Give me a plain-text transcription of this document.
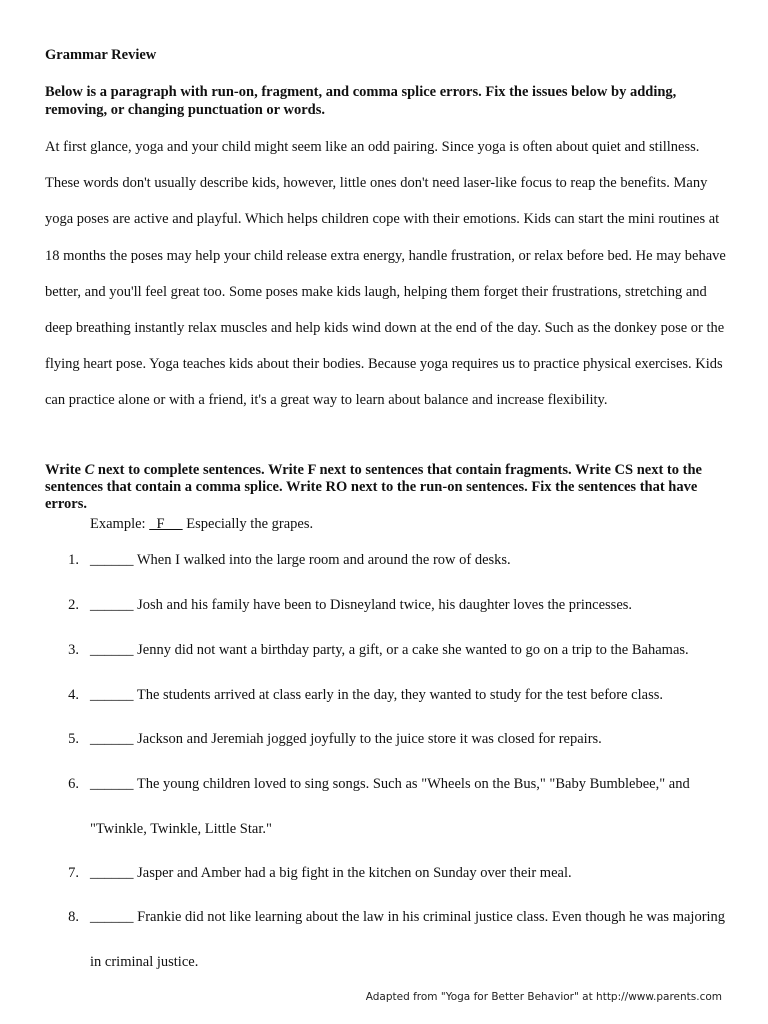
Grammar Review

Below is a paragraph with run-on, fragment, and comma splice errors. Fix the issues below by adding, removing, or changing punctuation or words.

At first glance, yoga and your child might seem like an odd pairing. Since yoga is often about quiet and stillness. These words don't usually describe kids, however, little ones don't need laser-like focus to reap the benefits. Many yoga poses are active and playful. Which helps children cope with their emotions. Kids can start the mini routines at 18 months the poses may help your child release extra energy, handle frustration, or relax before bed. He may behave better, and you'll feel great too. Some poses make kids laugh, helping them forget their frustrations, stretching and deep breathing instantly relax muscles and help kids wind down at the end of the day. Such as the donkey pose or the flying heart pose. Yoga teaches kids about their bodies. Because yoga requires us to practice physical exercises. Kids can practice alone or with a friend, it's a great way to learn about balance and increase flexibility.

Write C next to complete sentences. Write F next to sentences that contain fragments. Write CS next to the sentences that contain a comma splice. Write RO next to the run-on sentences. Fix the sentences that have errors.

Example:   F      Especially the grapes.
1. ______ When I walked into the large room and around the row of desks.
2. ______ Josh and his family have been to Disneyland twice, his daughter loves the princesses.
3. ______ Jenny did not want a birthday party, a gift, or a cake she wanted to go on a trip to the Bahamas.
4. ______ The students arrived at class early in the day, they wanted to study for the test before class.
5. ______ Jackson and Jeremiah jogged joyfully to the juice store it was closed for repairs.
6. ______ The young children loved to sing songs. Such as "Wheels on the Bus," "Baby Bumblebee," and "Twinkle, Twinkle, Little Star."
7. ______ Jasper and Amber had a big fight in the kitchen on Sunday over their meal.
8. ______ Frankie did not like learning about the law in his criminal justice class. Even though he was majoring in criminal justice.
Adapted from "Yoga for Better Behavior" at http://www.parents.com
